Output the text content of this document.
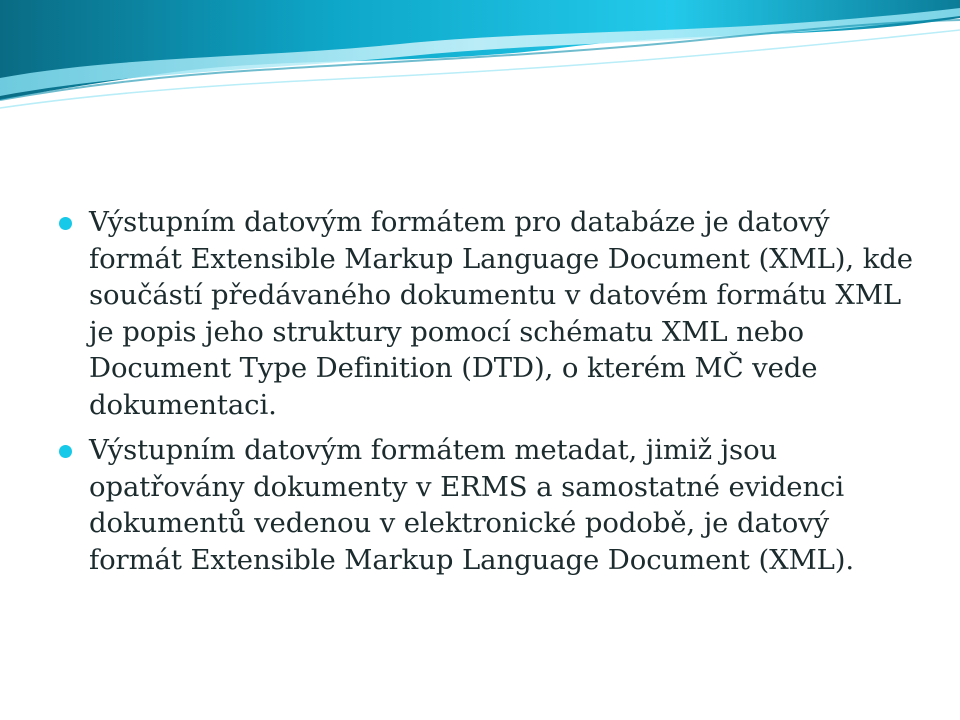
Výstupním datovým formátem pro databáze je datový formát Extensible Markup Language Document (XML), kde součástí předávaného dokumentu v datovém formátu XML je popis jeho struktury pomocí schématu XML nebo Document Type Definition (DTD), o kterém MČ vede dokumentaci.
Výstupním datovým formátem metadat, jimiž jsou opatřovány dokumenty v ERMS a samostatné evidenci dokumentů vedenou v elektronické podobě, je datový formát Extensible Markup Language Document (XML).
